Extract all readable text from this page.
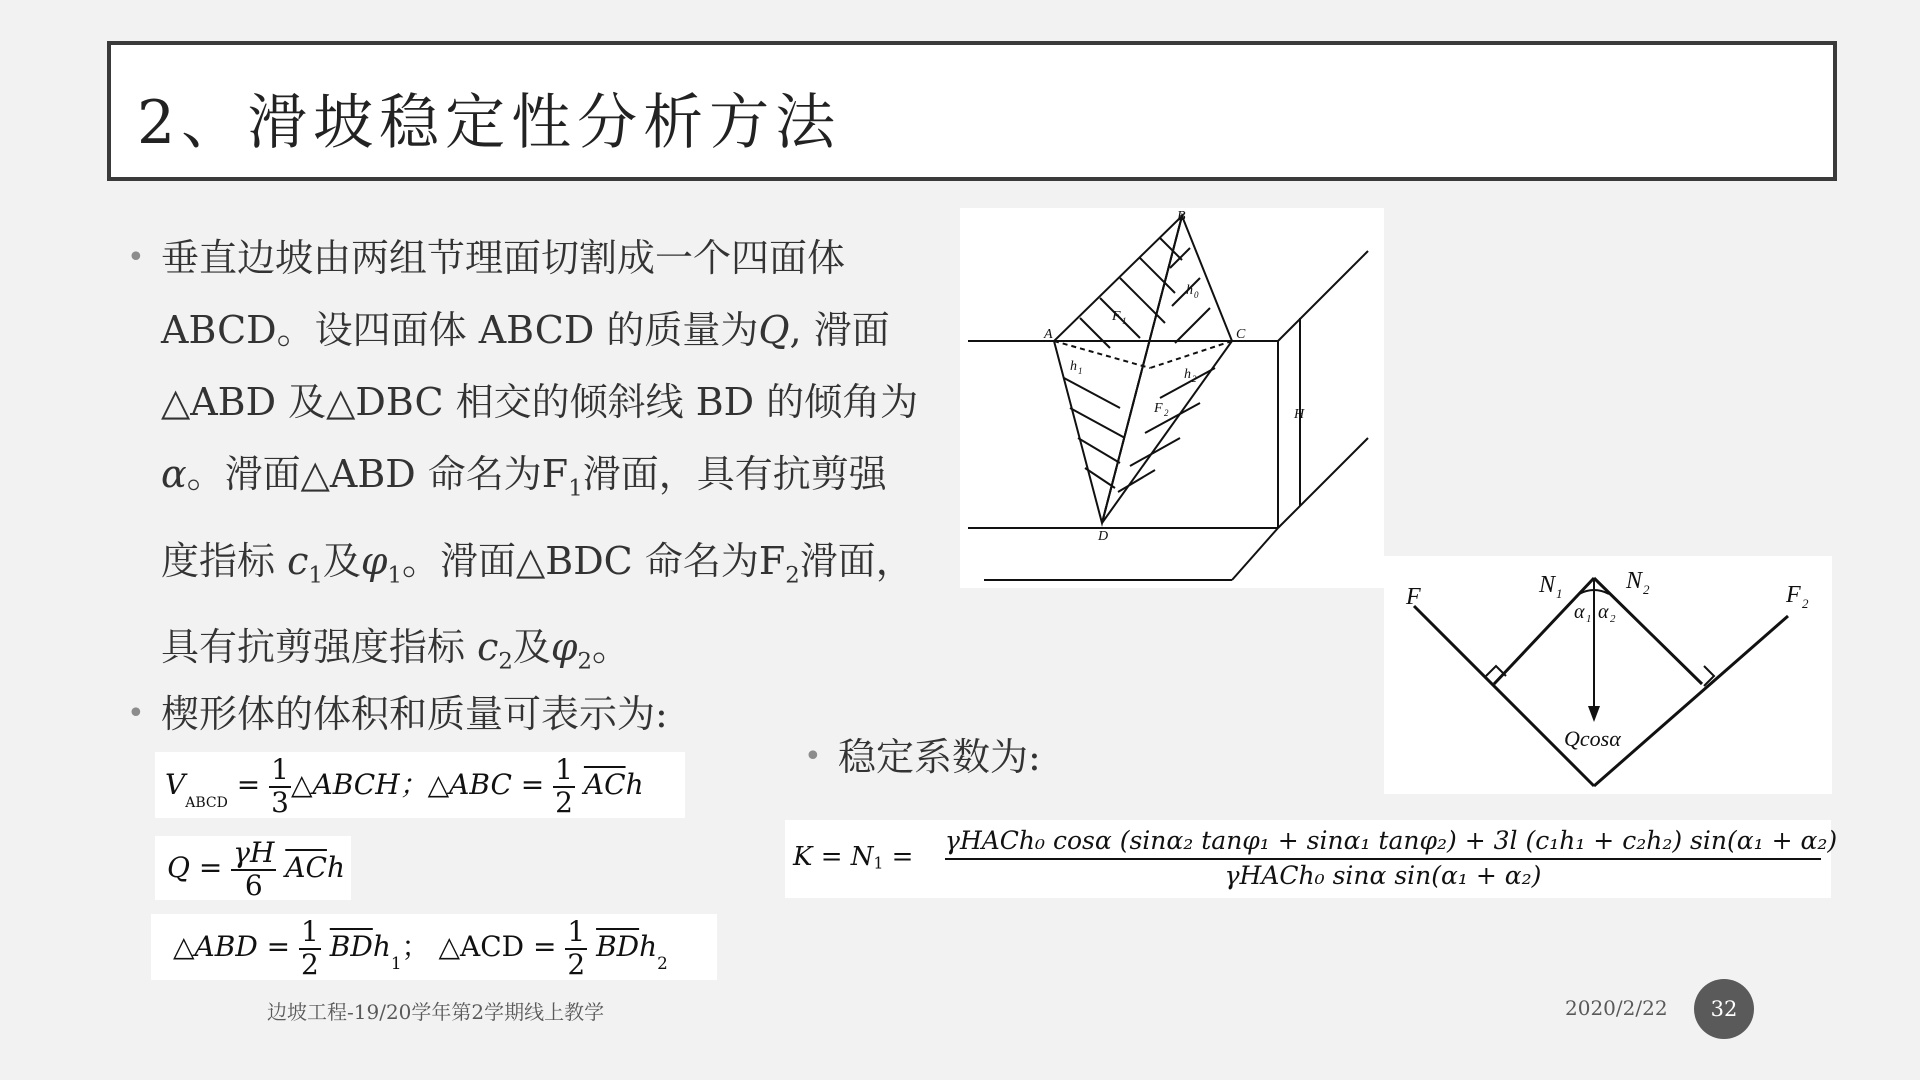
2、滑坡稳定性分析方法
• 垂直边坡由两组节理面切割成一个四面体
ABCD。设四面体 ABCD 的质量为Q, 滑面
△ABD 及△DBC 相交的倾斜线 BD 的倾角为
α。滑面△ABD 命名为$F_1$滑面，具有抗剪强
度指标 $c_1$及$\varphi_1$。滑面△BDC 命名为$F_2$滑面，
具有抗剪强度指标 $c_2$及$\varphi_2$。
• 楔形体的体积和质量可表示为:
• 稳定系数为:
$V_{ABCD} = \frac{1}{3}$ △ABCH；△ABC = $\frac{1}{2} \overline{AC}h$
$Q = \frac{\gamma H}{6} \overline{AC}h$
△ABD = $\frac{1}{2} \overline{BD}h_1$； △ACD = $\frac{1}{2} \overline{BD}h_2$
K = N1 =
γHACh₀ cosα (sinα₂ tanφ₁ + sinα₁ tanφ₂) + 3l (c₁h₁ + c₂h₂) sin(α₁ + α₂)
γHACh₀ sinα sin(α₁ + α₂)
B
A	C
D
H
F 1
F 2
h 0
h 1	h 2
F	F 2
N 1	N 2
α 1 α 2
Qcosα
边坡工程-19/20学年第2学期线上教学	2020/2/22	32
